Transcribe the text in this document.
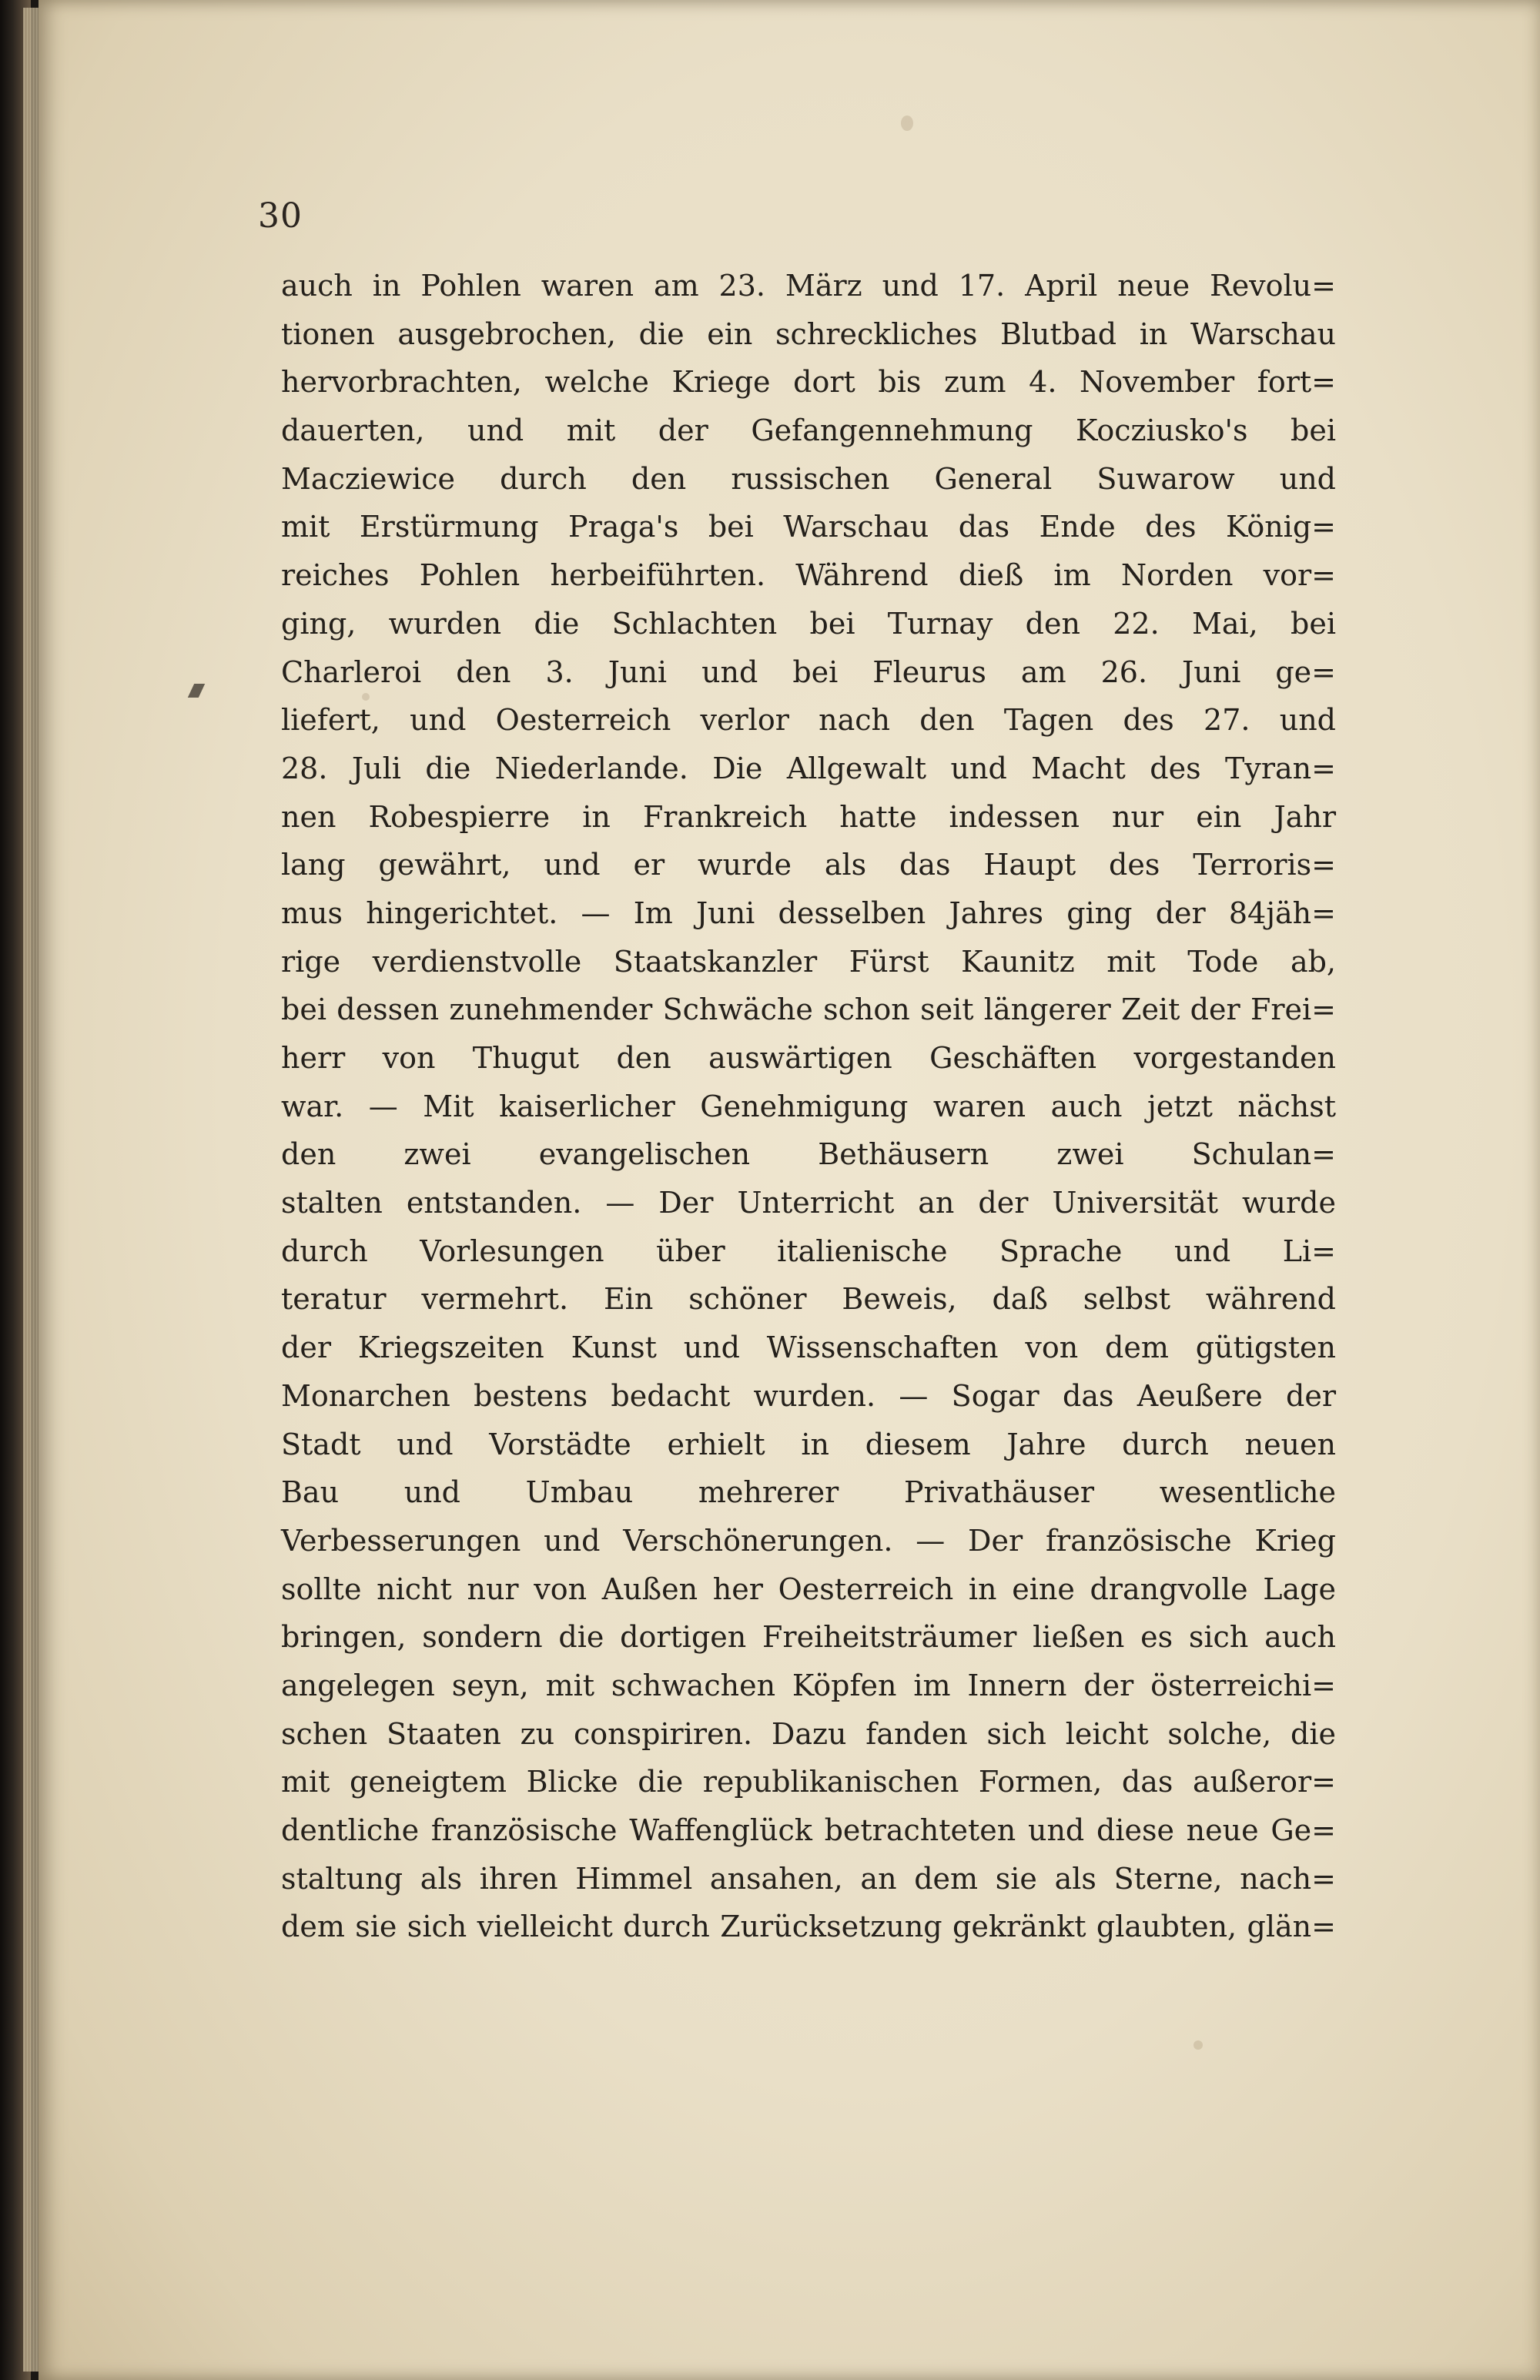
30
auch in Pohlen waren am 23. März und 17. April neue Revolu=
tionen ausgebrochen, die ein schreckliches Blutbad in Warschau
hervorbrachten, welche Kriege dort bis zum 4. November fort=
dauerten, und mit der Gefangennehmung Kocziusko's bei
Macziewice durch den russischen General Suwarow und
mit Erstürmung Praga's bei Warschau das Ende des König=
reiches Pohlen herbeiführten. Während dieß im Norden vor=
ging, wurden die Schlachten bei Turnay den 22. Mai, bei
Charleroi den 3. Juni und bei Fleurus am 26. Juni ge=
liefert, und Oesterreich verlor nach den Tagen des 27. und
28. Juli die Niederlande. Die Allgewalt und Macht des Tyran=
nen Robespierre in Frankreich hatte indessen nur ein Jahr
lang gewährt, und er wurde als das Haupt des Terroris=
mus hingerichtet. — Im Juni desselben Jahres ging der 84jäh=
rige verdienstvolle Staatskanzler Fürst Kaunitz mit Tode ab,
bei dessen zunehmender Schwäche schon seit längerer Zeit der Frei=
herr von Thugut den auswärtigen Geschäften vorgestanden
war. — Mit kaiserlicher Genehmigung waren auch jetzt nächst
den zwei evangelischen Bethäusern zwei Schulan=
stalten entstanden. — Der Unterricht an der Universität wurde
durch Vorlesungen über italienische Sprache und Li=
teratur vermehrt. Ein schöner Beweis, daß selbst während
der Kriegszeiten Kunst und Wissenschaften von dem gütigsten
Monarchen bestens bedacht wurden. — Sogar das Aeußere der
Stadt und Vorstädte erhielt in diesem Jahre durch neuen
Bau und Umbau mehrerer Privathäuser wesentliche
Verbesserungen und Verschönerungen. — Der französische Krieg
sollte nicht nur von Außen her Oesterreich in eine drangvolle Lage
bringen, sondern die dortigen Freiheitsträumer ließen es sich auch
angelegen seyn, mit schwachen Köpfen im Innern der österreichi=
schen Staaten zu conspiriren. Dazu fanden sich leicht solche, die
mit geneigtem Blicke die republikanischen Formen, das außeror=
dentliche französische Waffenglück betrachteten und diese neue Ge=
staltung als ihren Himmel ansahen, an dem sie als Sterne, nach=
dem sie sich vielleicht durch Zurücksetzung gekränkt glaubten, glän=
